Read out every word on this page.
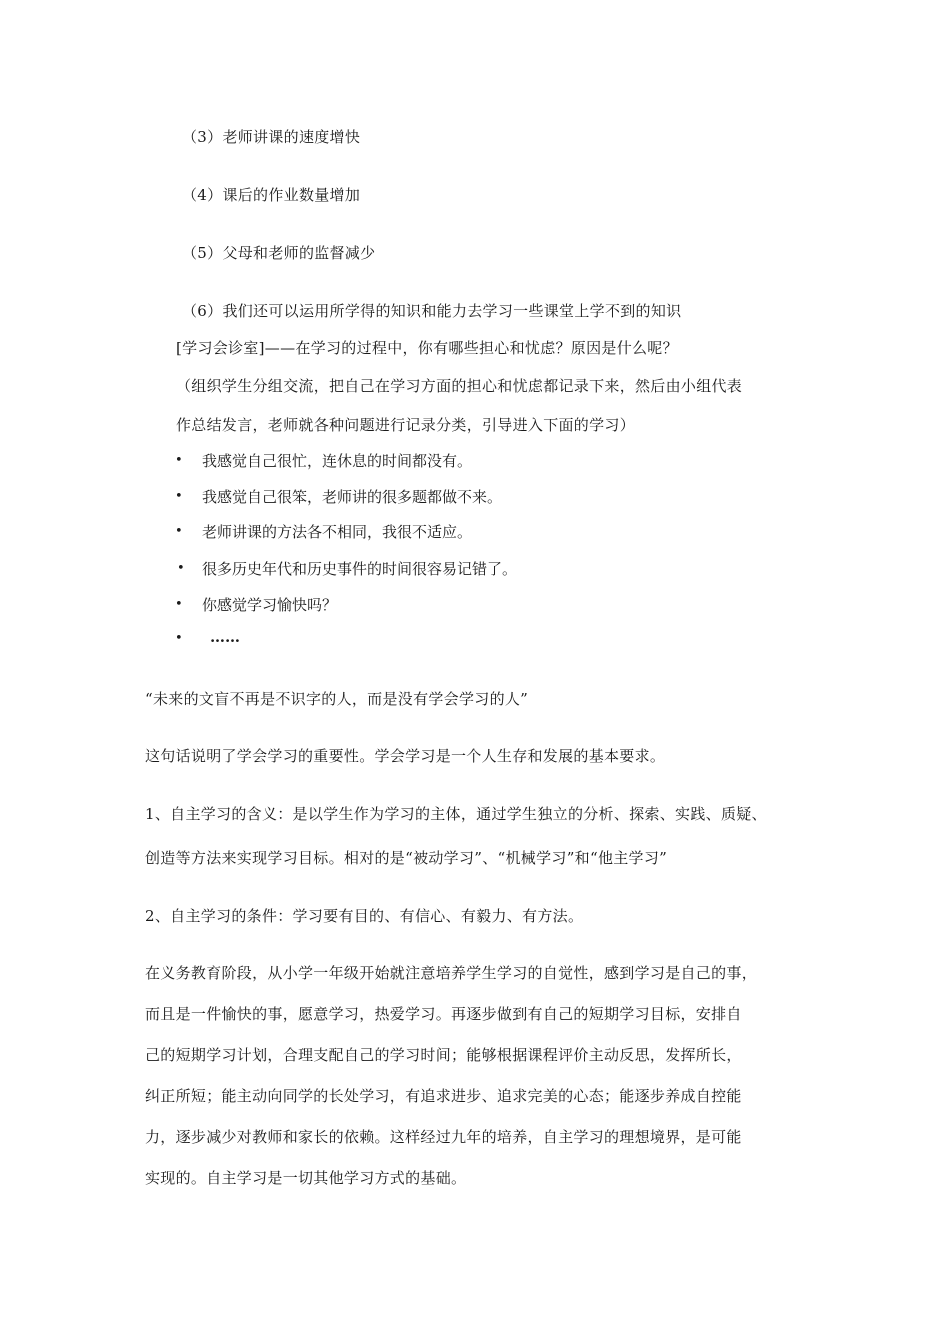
（3）老师讲课的速度增快
（4）课后的作业数量增加
（5）父母和老师的监督减少
（6）我们还可以运用所学得的知识和能力去学习一些课堂上学不到的知识
[学习会诊室]——在学习的过程中，你有哪些担心和忧虑？原因是什么呢？
（组织学生分组交流，把自己在学习方面的担心和忧虑都记录下来，然后由小组代表
作总结发言，老师就各种问题进行记录分类，引导进入下面的学习）
• 我感觉自己很忙，连休息的时间都没有。
• 我感觉自己很笨，老师讲的很多题都做不来。
• 老师讲课的方法各不相同，我很不适应。
• 很多历史年代和历史事件的时间很容易记错了。
• 你感觉学习愉快吗？
• ……
“未来的文盲不再是不识字的人，而是没有学会学习的人”
这句话说明了学会学习的重要性。学会学习是一个人生存和发展的基本要求。
1、自主学习的含义：是以学生作为学习的主体，通过学生独立的分析、探索、实践、质疑、
创造等方法来实现学习目标。相对的是“被动学习”、“机械学习”和“他主学习”
2、自主学习的条件：学习要有目的、有信心、有毅力、有方法。
在义务教育阶段，从小学一年级开始就注意培养学生学习的自觉性，感到学习是自己的事，
而且是一件愉快的事，愿意学习，热爱学习。再逐步做到有自己的短期学习目标，安排自
己的短期学习计划，合理支配自己的学习时间；能够根据课程评价主动反思，发挥所长，
纠正所短；能主动向同学的长处学习，有追求进步、追求完美的心态；能逐步养成自控能
力，逐步减少对教师和家长的依赖。这样经过九年的培养，自主学习的理想境界，是可能
实现的。自主学习是一切其他学习方式的基础。
